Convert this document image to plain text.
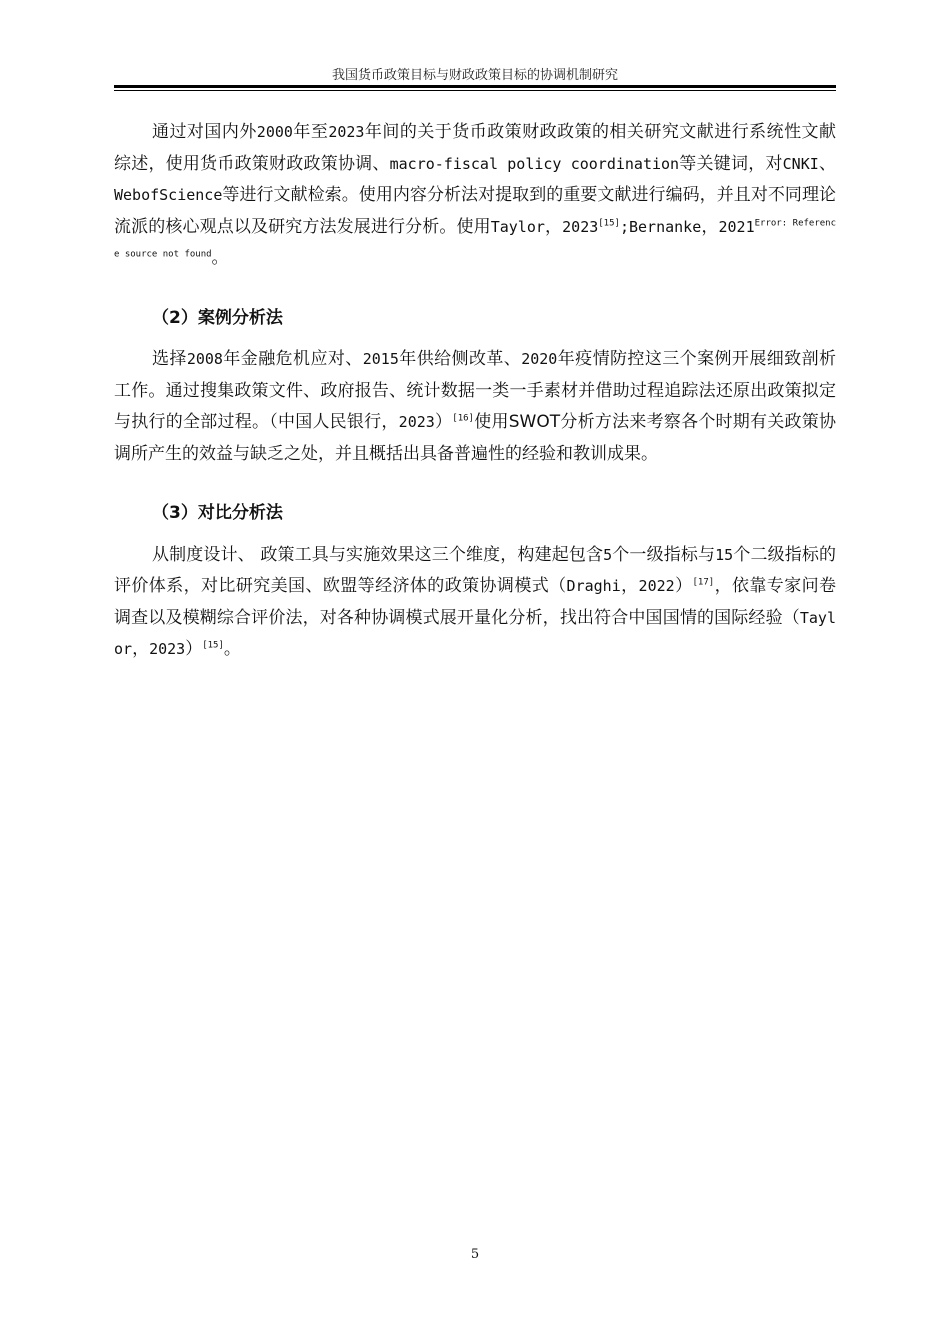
我国货币政策目标与财政政策目标的协调机制研究

通过对国内外2000年至2023年间的关于货币政策财政政策的相关研究文献进行系统性文献综述，使用货币政策财政政策协调、macro-fiscal policy coordination等关键词，对CNKI、WebofScience等进行文献检索。使用内容分析法对提取到的重要文献进行编码，并且对不同理论流派的核心观点以及研究方法发展进行分析。使用Taylor，2023[15];Bernanke，$2021^{Error: Reference source not found}$。

（2）案例分析法

选择2008年金融危机应对、2015年供给侧改革、2020年疫情防控这三个案例开展细致剖析工作。通过搜集政策文件、政府报告、统计数据一类一手素材并借助过程追踪法还原出政策拟定与执行的全部过程。（中国人民银行，2023）[16]使用SWOT分析方法来考察各个时期有关政策协调所产生的效益与缺乏之处，并且概括出具备普遍性的经验和教训成果。

（3）对比分析法

从制度设计、 政策工具与实施效果这三个维度，构建起包含5个一级指标与15个二级指标的评价体系，对比研究美国、欧盟等经济体的政策协调模式（Draghi，2022）[17]，依靠专家问卷调查以及模糊综合评价法，对各种协调模式展开量化分析，找出符合中国国情的国际经验（Taylor，2023）[15]。

5
